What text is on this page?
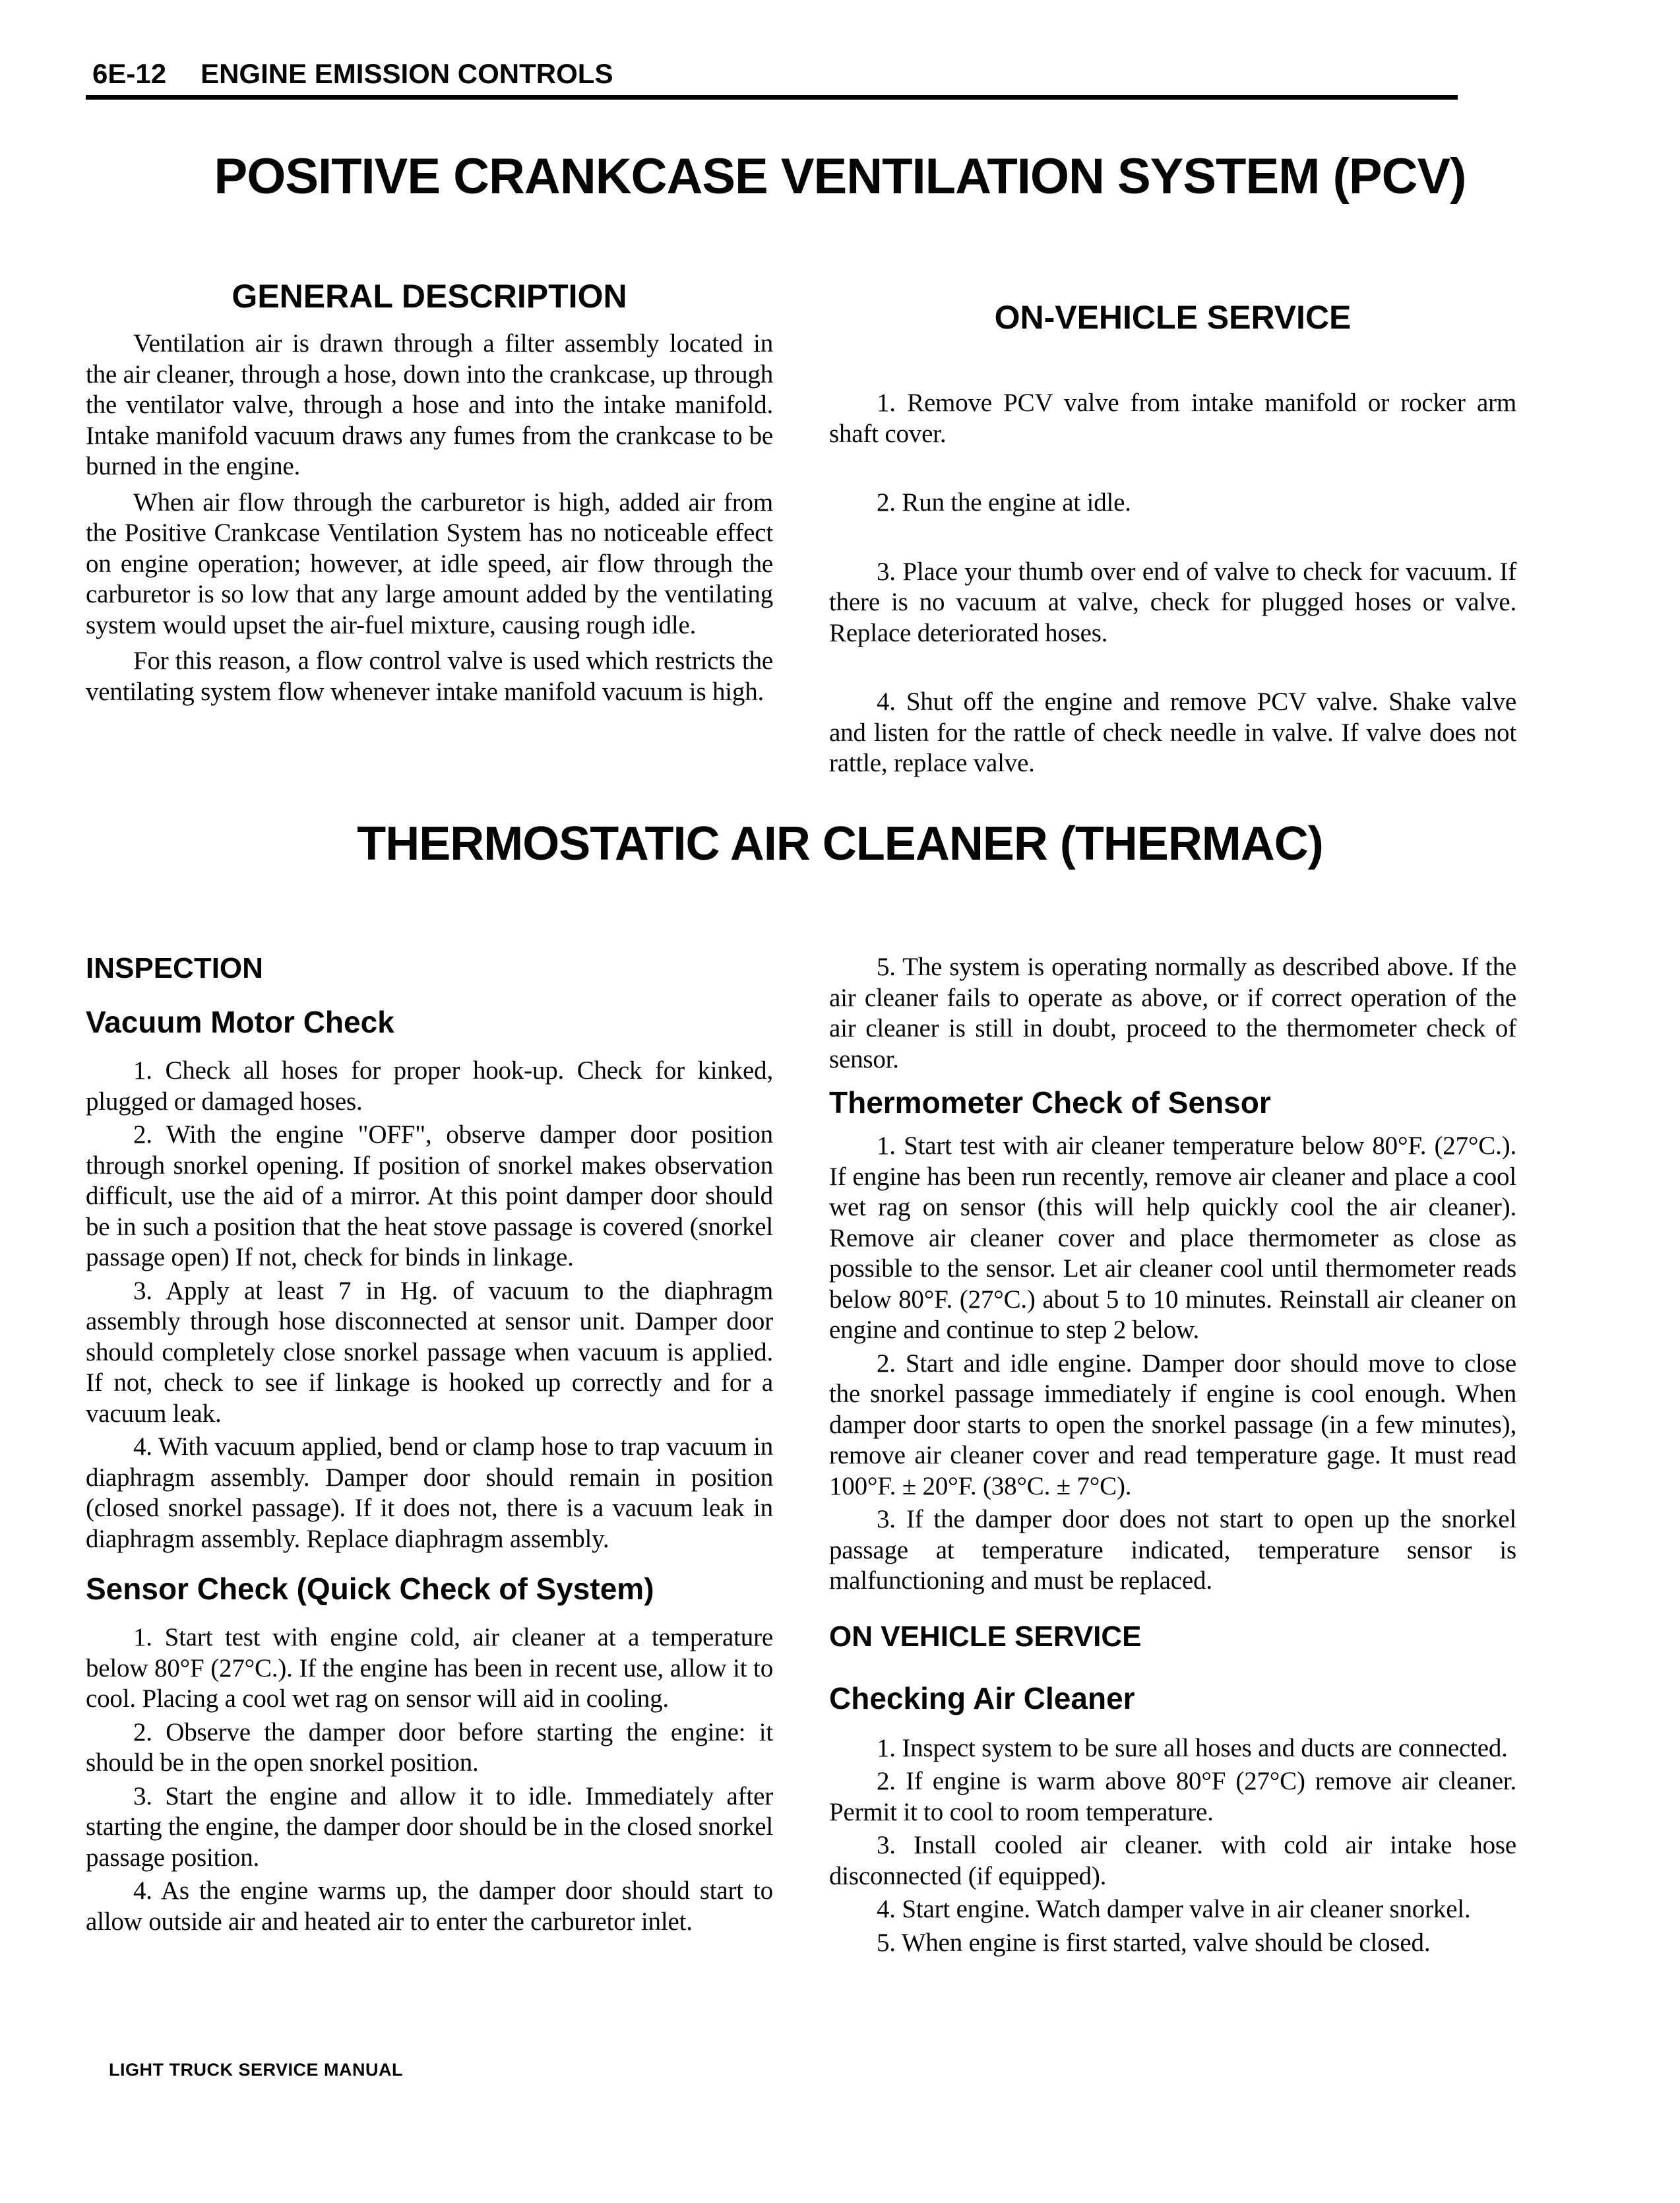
6E-12 ENGINE EMISSION CONTROLS
POSITIVE CRANKCASE VENTILATION SYSTEM (PCV)
GENERAL DESCRIPTION

Ventilation air is drawn through a filter assembly located in the air cleaner, through a hose, down into the crankcase, up through the ventilator valve, through a hose and into the intake manifold. Intake manifold vacuum draws any fumes from the crankcase to be burned in the engine.

When air flow through the carburetor is high, added air from the Positive Crankcase Ventilation System has no noticeable effect on engine operation; however, at idle speed, air flow through the carburetor is so low that any large amount added by the ventilating system would upset the air-fuel mixture, causing rough idle.

For this reason, a flow control valve is used which restricts the ventilating system flow whenever intake manifold vacuum is high.

ON-VEHICLE SERVICE

1. Remove PCV valve from intake manifold or rocker arm shaft cover.

2. Run the engine at idle.

3. Place your thumb over end of valve to check for vacuum. If there is no vacuum at valve, check for plugged hoses or valve. Replace deteriorated hoses.

4. Shut off the engine and remove PCV valve. Shake valve and listen for the rattle of check needle in valve. If valve does not rattle, replace valve.

THERMOSTATIC AIR CLEANER (THERMAC)
INSPECTION
Vacuum Motor Check

1. Check all hoses for proper hook-up. Check for kinked, plugged or damaged hoses.

2. With the engine "OFF", observe damper door position through snorkel opening. If position of snorkel makes observation difficult, use the aid of a mirror. At this point damper door should be in such a position that the heat stove passage is covered (snorkel passage open) If not, check for binds in linkage.

3. Apply at least 7 in Hg. of vacuum to the diaphragm assembly through hose disconnected at sensor unit. Damper door should completely close snorkel passage when vacuum is applied. If not, check to see if linkage is hooked up correctly and for a vacuum leak.

4. With vacuum applied, bend or clamp hose to trap vacuum in diaphragm assembly. Damper door should remain in position (closed snorkel passage). If it does not, there is a vacuum leak in diaphragm assembly. Replace diaphragm assembly.

Sensor Check (Quick Check of System)

1. Start test with engine cold, air cleaner at a temperature below 80°F (27°C.). If the engine has been in recent use, allow it to cool. Placing a cool wet rag on sensor will aid in cooling.

2. Observe the damper door before starting the engine: it should be in the open snorkel position.

3. Start the engine and allow it to idle. Immediately after starting the engine, the damper door should be in the closed snorkel passage position.

4. As the engine warms up, the damper door should start to allow outside air and heated air to enter the carburetor inlet.

5. The system is operating normally as described above. If the air cleaner fails to operate as above, or if correct operation of the air cleaner is still in doubt, proceed to the thermometer check of sensor.

Thermometer Check of Sensor

1. Start test with air cleaner temperature below 80°F. (27°C.). If engine has been run recently, remove air cleaner and place a cool wet rag on sensor (this will help quickly cool the air cleaner). Remove air cleaner cover and place thermometer as close as possible to the sensor. Let air cleaner cool until thermometer reads below 80°F. (27°C.) about 5 to 10 minutes. Reinstall air cleaner on engine and continue to step 2 below.

2. Start and idle engine. Damper door should move to close the snorkel passage immediately if engine is cool enough. When damper door starts to open the snorkel passage (in a few minutes), remove air cleaner cover and read temperature gage. It must read 100°F. ± 20°F. (38°C. ± 7°C).

3. If the damper door does not start to open up the snorkel passage at temperature indicated, temperature sensor is malfunctioning and must be replaced.

ON VEHICLE SERVICE
Checking Air Cleaner

1. Inspect system to be sure all hoses and ducts are connected.

2. If engine is warm above 80°F (27°C) remove air cleaner. Permit it to cool to room temperature.

3. Install cooled air cleaner. with cold air intake hose disconnected (if equipped).

4. Start engine. Watch damper valve in air cleaner snorkel.

5. When engine is first started, valve should be closed.

LIGHT TRUCK SERVICE MANUAL
